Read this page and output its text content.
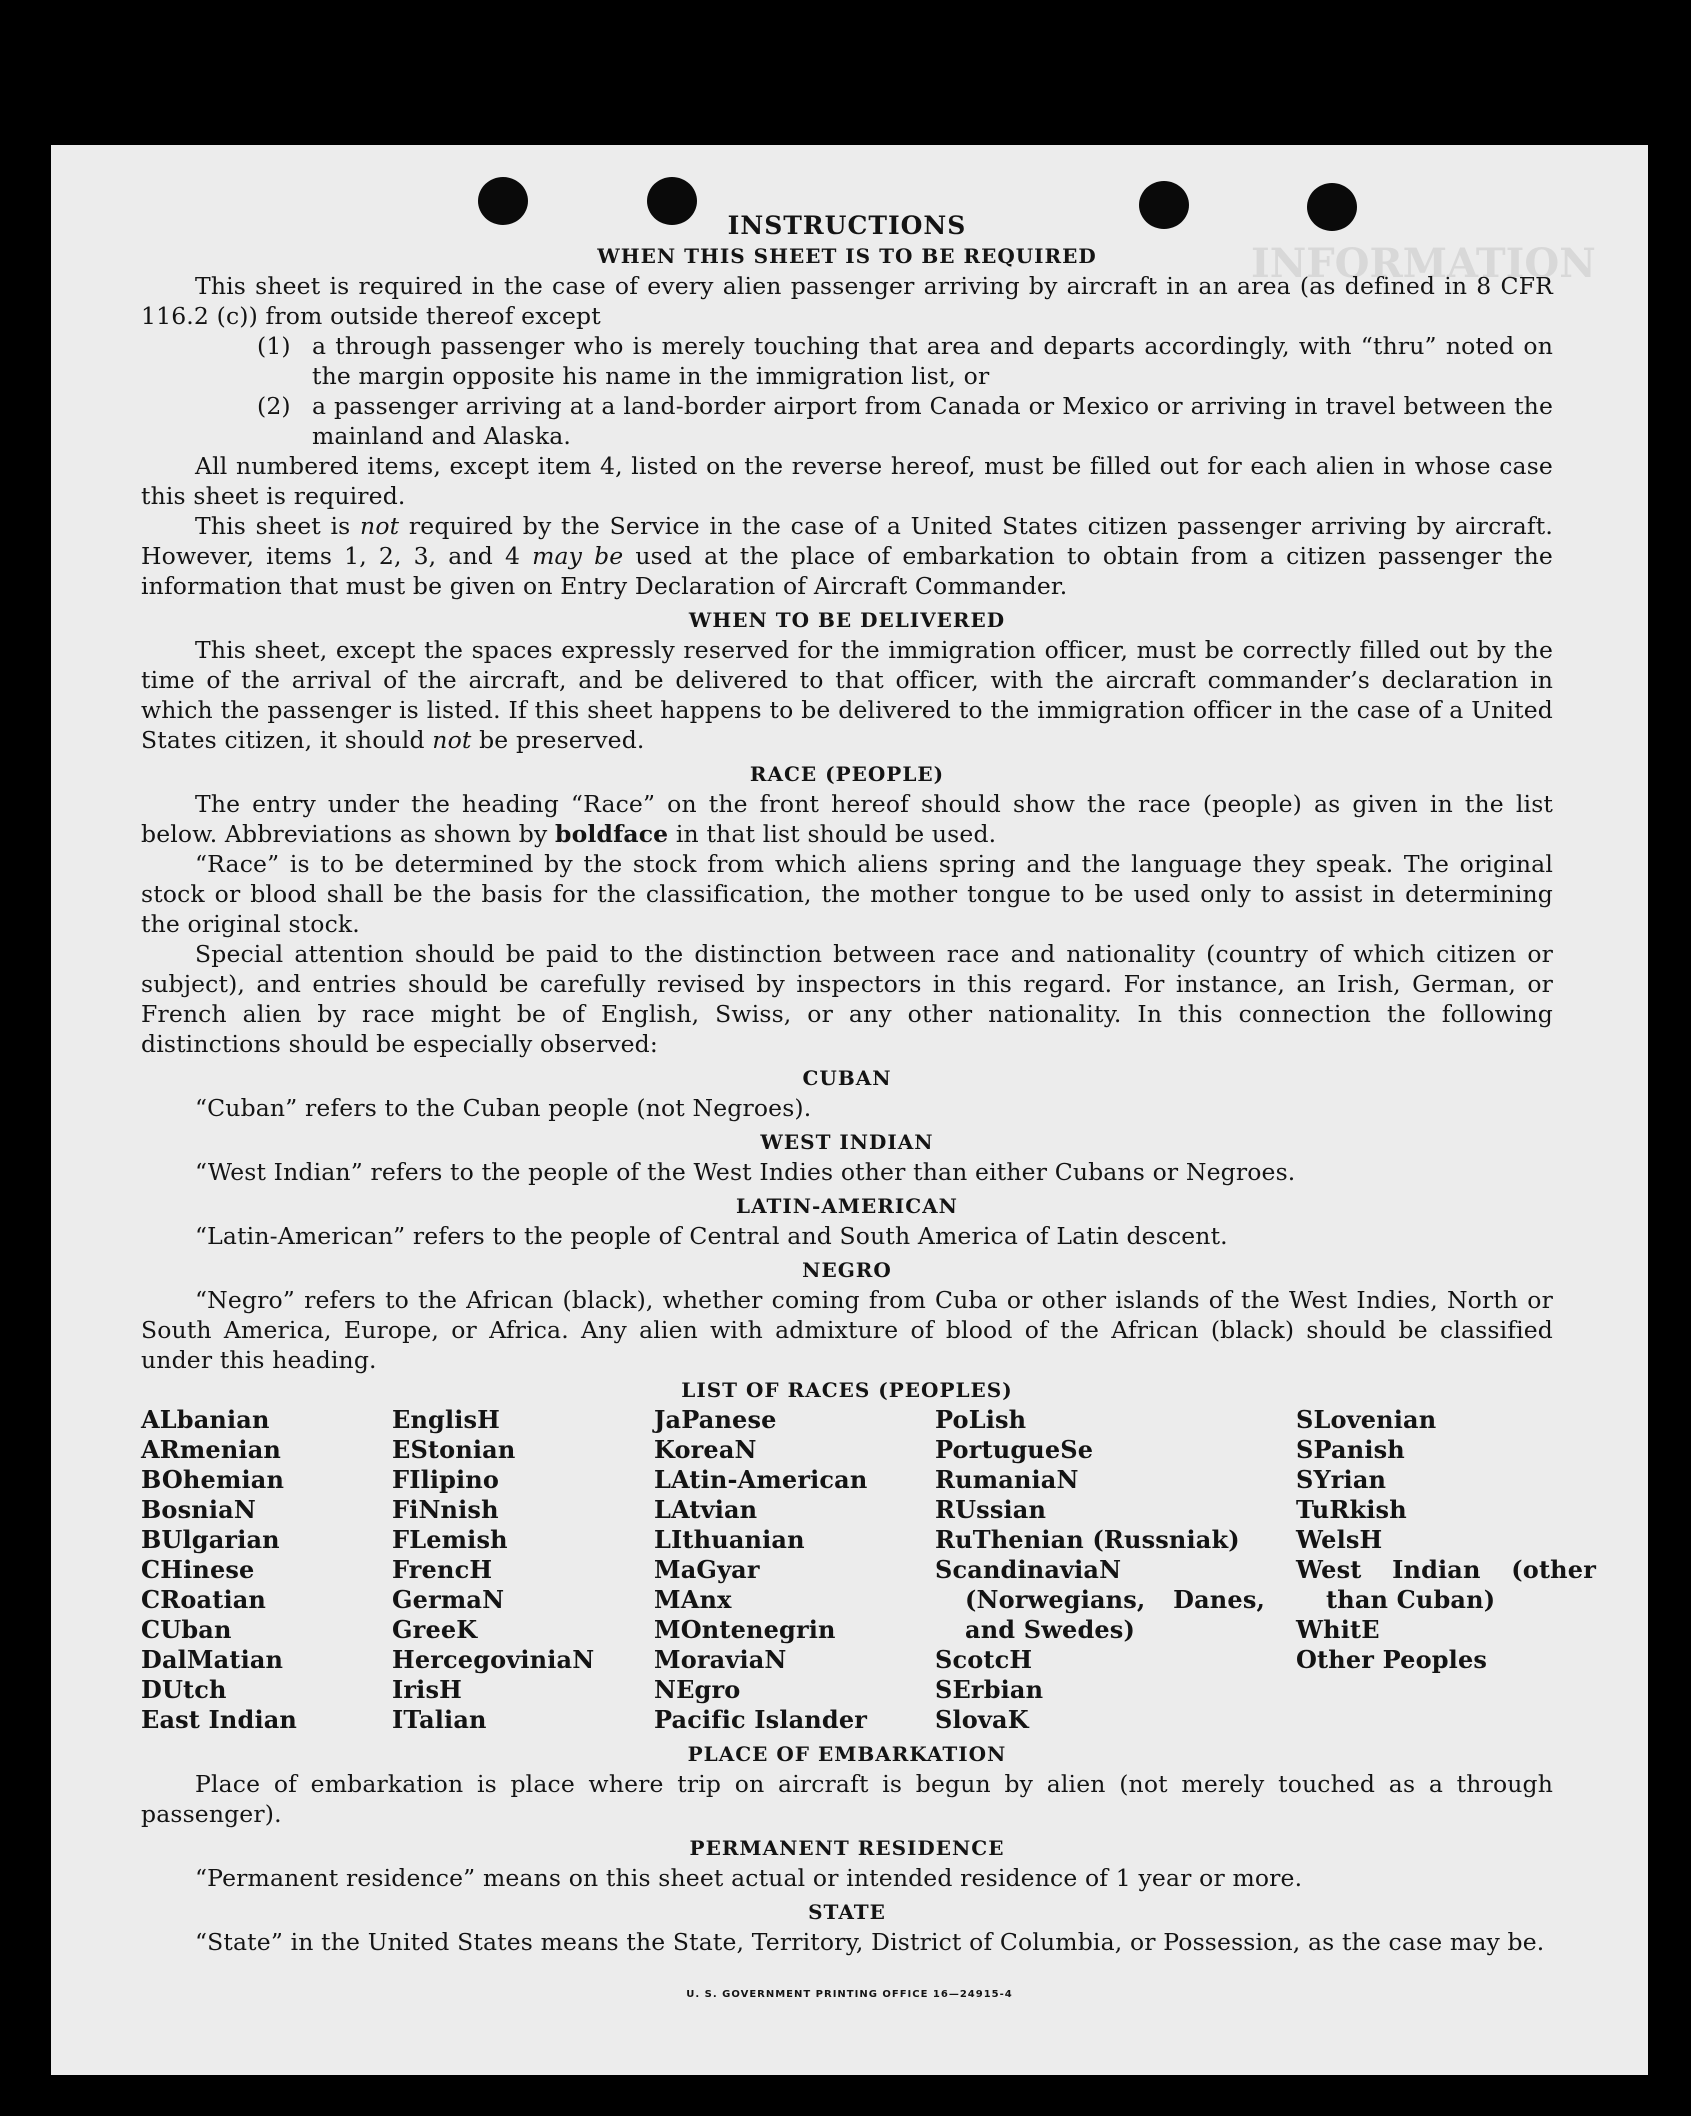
INFORMATION
INSTRUCTIONS
WHEN THIS SHEET IS TO BE REQUIRED

This sheet is required in the case of every alien passenger arriving by aircraft in an area (as defined in 8 CFR 116.2 (c)) from outside thereof except

(1) a through passenger who is merely touching that area and departs accordingly, with “thru” noted on the margin opposite his name in the immigration list, or
(2) a passenger arriving at a land-border airport from Canada or Mexico or arriving in travel between the mainland and Alaska.

All numbered items, except item 4, listed on the reverse hereof, must be filled out for each alien in whose case this sheet is required.

This sheet is not required by the Service in the case of a United States citizen passenger arriving by aircraft. However, items 1, 2, 3, and 4 may be used at the place of embarkation to obtain from a citizen passenger the information that must be given on Entry Declaration of Aircraft Commander.

WHEN TO BE DELIVERED

This sheet, except the spaces expressly reserved for the immigration officer, must be correctly filled out by the time of the arrival of the aircraft, and be delivered to that officer, with the aircraft commander’s declaration in which the passenger is listed. If this sheet happens to be delivered to the immigration officer in the case of a United States citizen, it should not be preserved.

RACE (PEOPLE)

The entry under the heading “Race” on the front hereof should show the race (people) as given in the list below. Abbreviations as shown by boldface in that list should be used.

“Race” is to be determined by the stock from which aliens spring and the language they speak. The original stock or blood shall be the basis for the classification, the mother tongue to be used only to assist in determining the original stock.

Special attention should be paid to the distinction between race and nationality (country of which citizen or subject), and entries should be carefully revised by inspectors in this regard. For instance, an Irish, German, or French alien by race might be of English, Swiss, or any other nationality. In this connection the following distinctions should be especially observed:

CUBAN

“Cuban” refers to the Cuban people (not Negroes).

WEST INDIAN

“West Indian” refers to the people of the West Indies other than either Cubans or Negroes.

LATIN-AMERICAN

“Latin-American” refers to the people of Central and South America of Latin descent.

NEGRO

“Negro” refers to the African (black), whether coming from Cuba or other islands of the West Indies, North or South America, Europe, or Africa. Any alien with admixture of blood of the African (black) should be classified under this heading.

LIST OF RACES (PEOPLES)
ALbanian
ARmenian
BOhemian
BosniaN
BUlgarian
CHinese
CRoatian
CUban
DalMatian
DUtch
East Indian
EnglisH
EStonian
FIlipino
FiNnish
FLemish
FrencH
GermaN
GreeK
HercegoviniaN
IrisH
ITalian
JaPanese
KoreaN
LAtin-American
LAtvian
LIthuanian
MaGyar
MAnx
MOntenegrin
MoraviaN
NEgro
Pacific Islander
PoLish
PortugueSe
RumaniaN
RUssian
RuThenian (Russniak)
ScandinaviaN (Norwegians, Danes, and Swedes)
ScotcH
SErbian
SlovaK
SLovenian
SPanish
SYrian
TuRkish
WelsH
West Indian (other than Cuban)
WhitE
Other Peoples
PLACE OF EMBARKATION

Place of embarkation is place where trip on aircraft is begun by alien (not merely touched as a through passenger).

PERMANENT RESIDENCE

“Permanent residence” means on this sheet actual or intended residence of 1 year or more.

STATE

“State” in the United States means the State, Territory, District of Columbia, or Possession, as the case may be.

U. S. GOVERNMENT PRINTING OFFICE 16—24915-4
